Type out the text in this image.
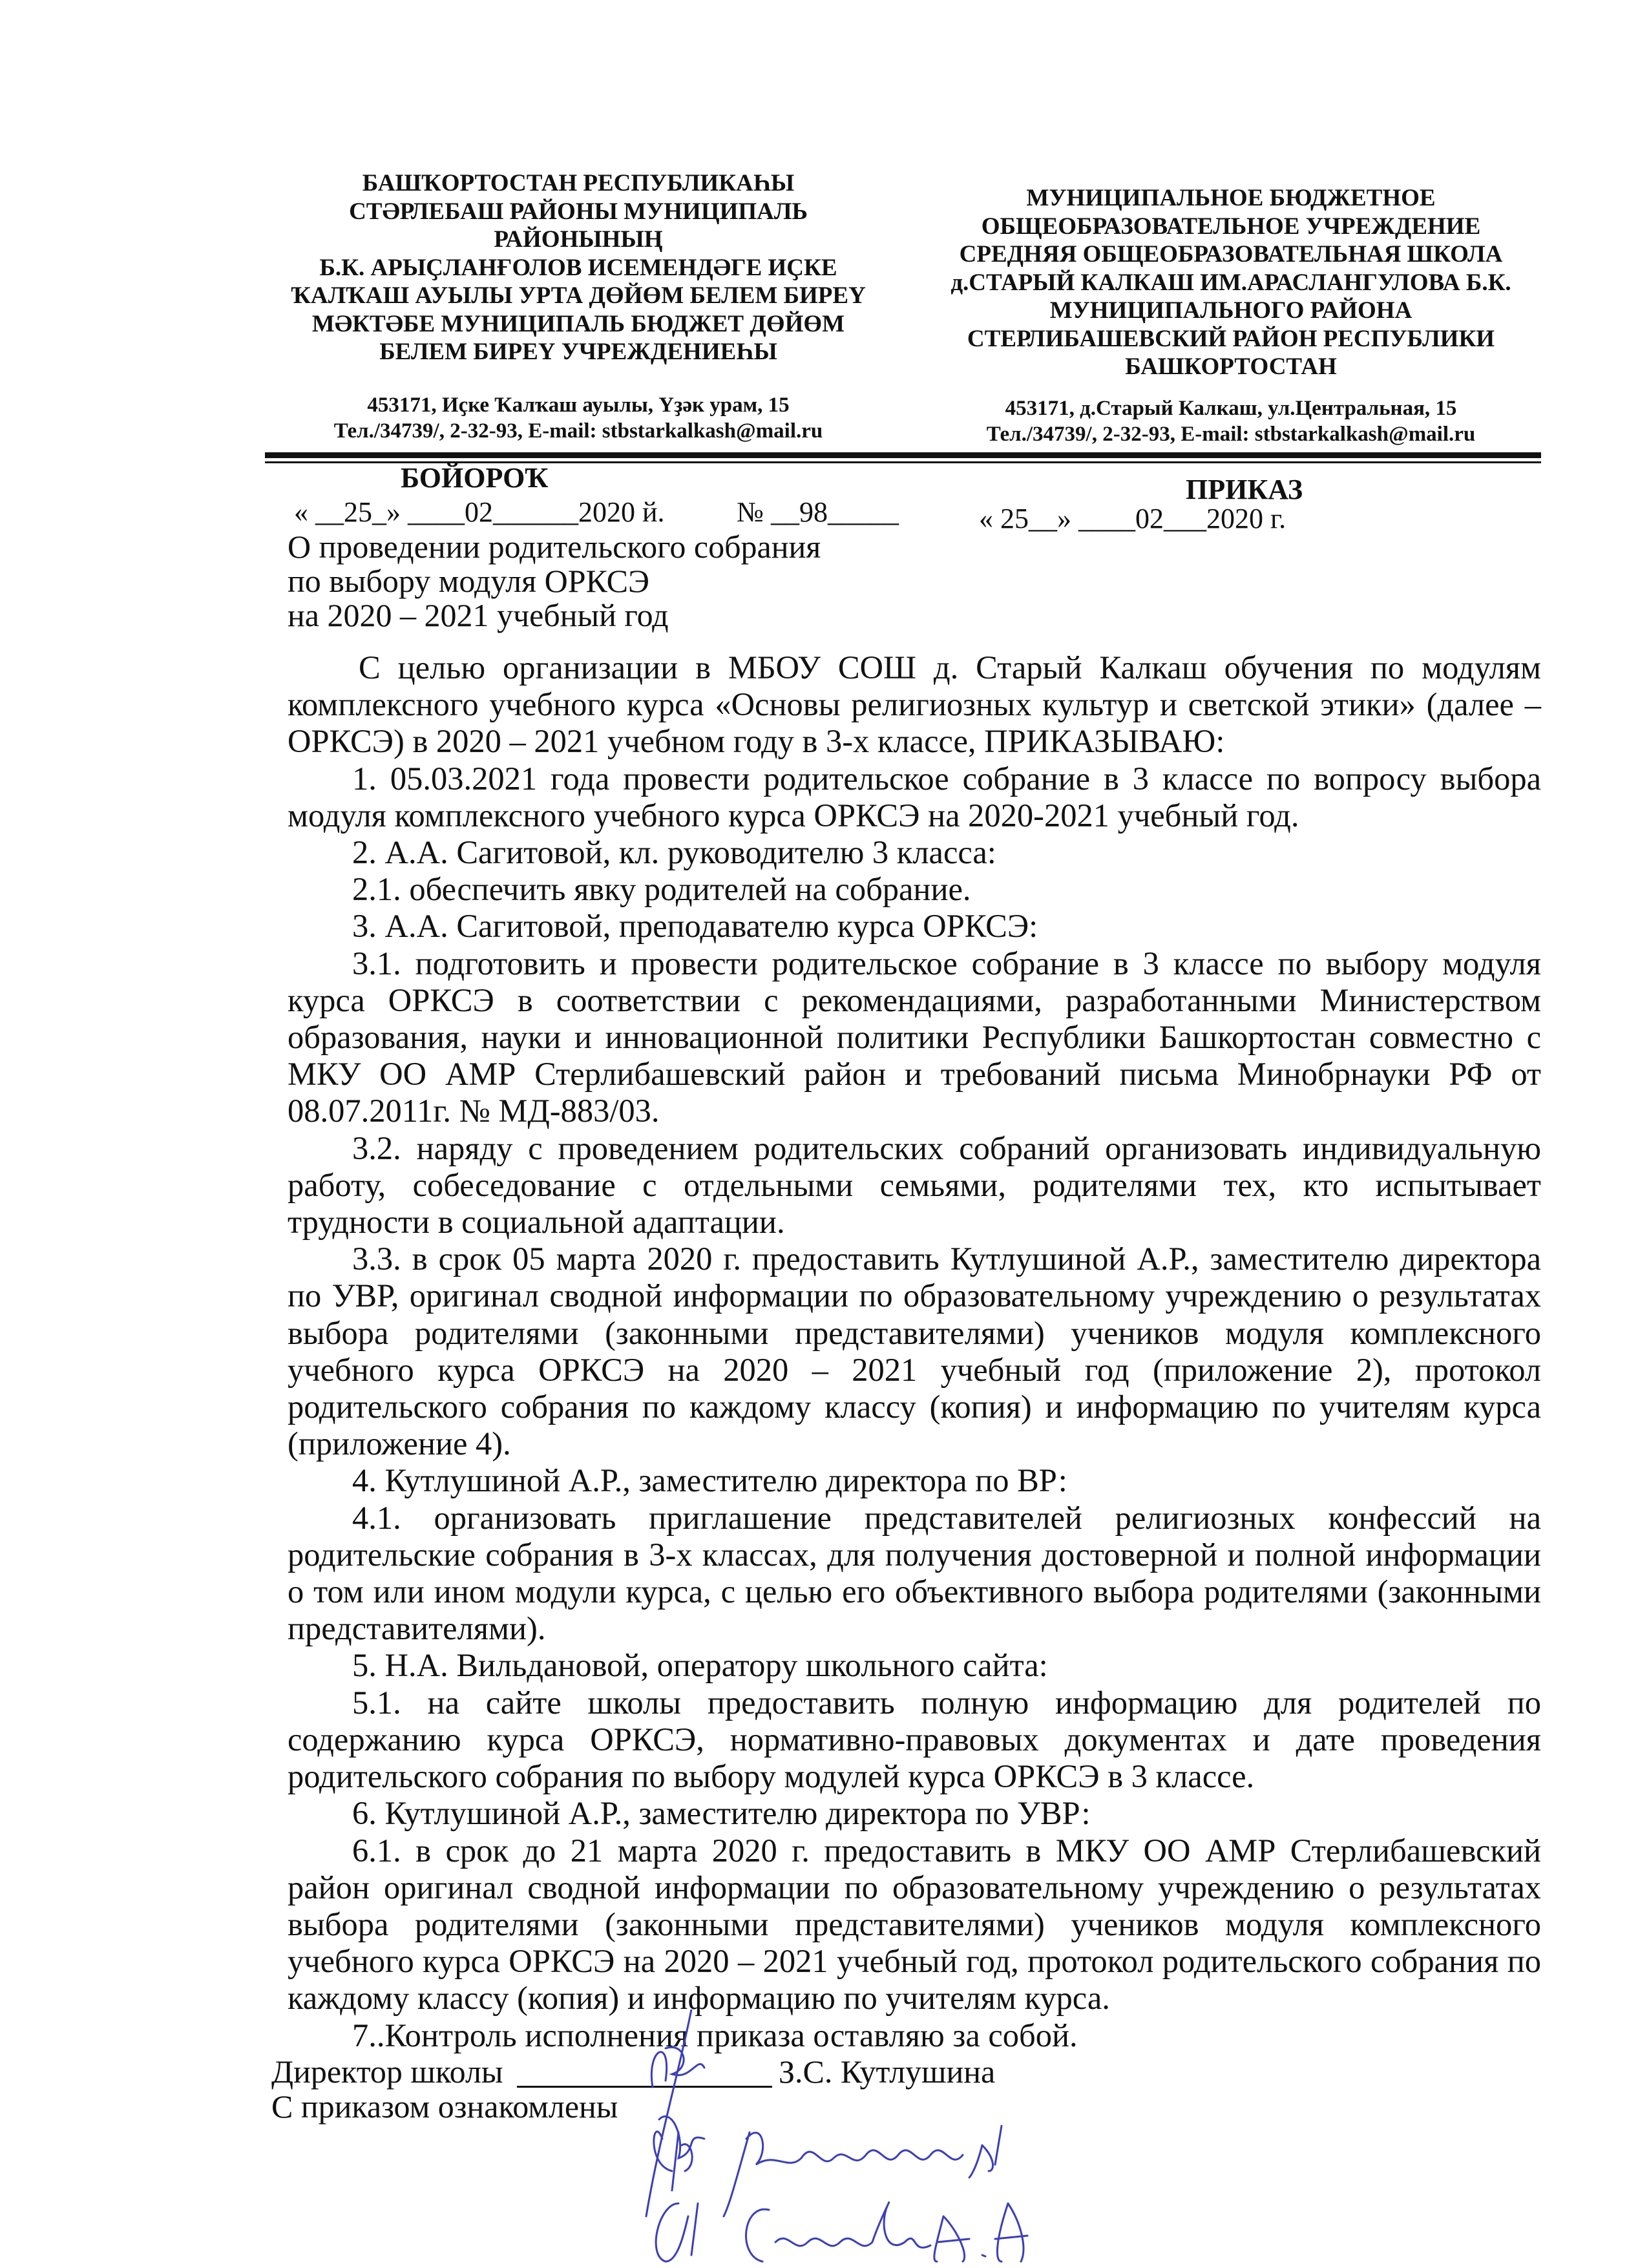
БАШҠОРТОСТАН РЕСПУБЛИКАҺЫ
СТӘРЛЕБАШ РАЙОНЫ МУНИЦИПАЛЬ
РАЙОНЫНЫҢ
Б.К. АРЫҪЛАНҒОЛОВ ИСЕМЕНДӘГЕ ИҪКЕ
ҠАЛҠАШ АУЫЛЫ УРТА ДӨЙӨМ БЕЛЕМ БИРЕҮ
МӘКТӘБЕ МУНИЦИПАЛЬ БЮДЖЕТ ДӨЙӨМ
БЕЛЕМ БИРЕҮ УЧРЕЖДЕНИЕҺЫ
453171, Иҫке Ҡалҡаш ауылы, Үҙәк урам, 15
Тел./34739/, 2-32-93, E-mail: stbstarkalkash@mail.ru
МУНИЦИПАЛЬНОЕ БЮДЖЕТНОЕ
ОБЩЕОБРАЗОВАТЕЛЬНОЕ УЧРЕЖДЕНИЕ
СРЕДНЯЯ ОБЩЕОБРАЗОВАТЕЛЬНАЯ ШКОЛА
д.СТАРЫЙ КАЛКАШ ИМ.АРАСЛАНГУЛОВА Б.К.
МУНИЦИПАЛЬНОГО РАЙОНА
СТЕРЛИБАШЕВСКИЙ РАЙОН РЕСПУБЛИКИ
БАШКОРТОСТАН
453171, д.Старый Калкаш, ул.Центральная, 15
Тел./34739/, 2-32-93, E-mail: stbstarkalkash@mail.ru
БОЙОРОҠ	ПРИКАЗ
« __25_» ____02______2020 й.	№ __98_____	« 25__» ____02___2020 г.
О проведении родительского собрания
по выбору модуля ОРКСЭ
на 2020 – 2021 учебный год

С целью организации в МБОУ СОШ д. Старый Калкаш обучения по модулям комплексного учебного курса «Основы религиозных культур и светской этики» (далее – ОРКСЭ) в 2020 – 2021 учебном году в 3-х классе, ПРИКАЗЫВАЮ:

1. 05.03.2021 года провести родительское собрание в 3 классе по вопросу выбора модуля комплексного учебного курса ОРКСЭ на 2020-2021 учебный год.

2. А.А. Сагитовой, кл. руководителю 3 класса:

2.1. обеспечить явку родителей на собрание.

3. А.А. Сагитовой, преподавателю курса ОРКСЭ:

3.1. подготовить и провести родительское собрание в 3 классе по выбору модуля курса ОРКСЭ в соответствии с рекомендациями, разработанными Министерством образования, науки и инновационной политики Республики Башкортостан совместно с МКУ ОО АМР Стерлибашевский район и требований письма Минобрнауки РФ от 08.07.2011г. № МД-883/03.

3.2. наряду с проведением родительских собраний организовать индивидуальную работу, собеседование с отдельными семьями, родителями тех, кто испытывает трудности в социальной адаптации.

3.3. в срок 05 марта 2020 г. предоставить Кутлушиной А.Р., заместителю директора по УВР, оригинал сводной информации по образовательному учреждению о результатах выбора родителями (законными представителями) учеников модуля комплексного учебного курса ОРКСЭ на 2020 – 2021 учебный год (приложение 2), протокол родительского собрания по каждому классу (копия) и информацию по учителям курса (приложение 4).

4. Кутлушиной А.Р., заместителю директора по ВР:

4.1. организовать приглашение представителей религиозных конфессий на родительские собрания в 3-х классах, для получения достоверной и полной информации о том или ином модули курса, с целью его объективного выбора родителями (законными представителями).

5. Н.А. Вильдановой, оператору школьного сайта:

5.1. на сайте школы предоставить полную информацию для родителей по содержанию курса ОРКСЭ, нормативно-правовых документах и дате проведения родительского собрания по выбору модулей курса ОРКСЭ в 3 классе.

6. Кутлушиной А.Р., заместителю директора по УВР:

6.1. в срок до 21 марта 2020 г. предоставить в МКУ ОО АМР Стерлибашевский район оригинал сводной информации по образовательному учреждению о результатах выбора родителями (законными представителями) учеников модуля комплексного учебного курса ОРКСЭ на 2020 – 2021 учебный год, протокол родительского собрания по каждому классу (копия) и информацию по учителям курса.

7..Контроль исполнения приказа оставляю за собой.

Директор школы	З.С. Кутлушина
С приказом ознакомлены
